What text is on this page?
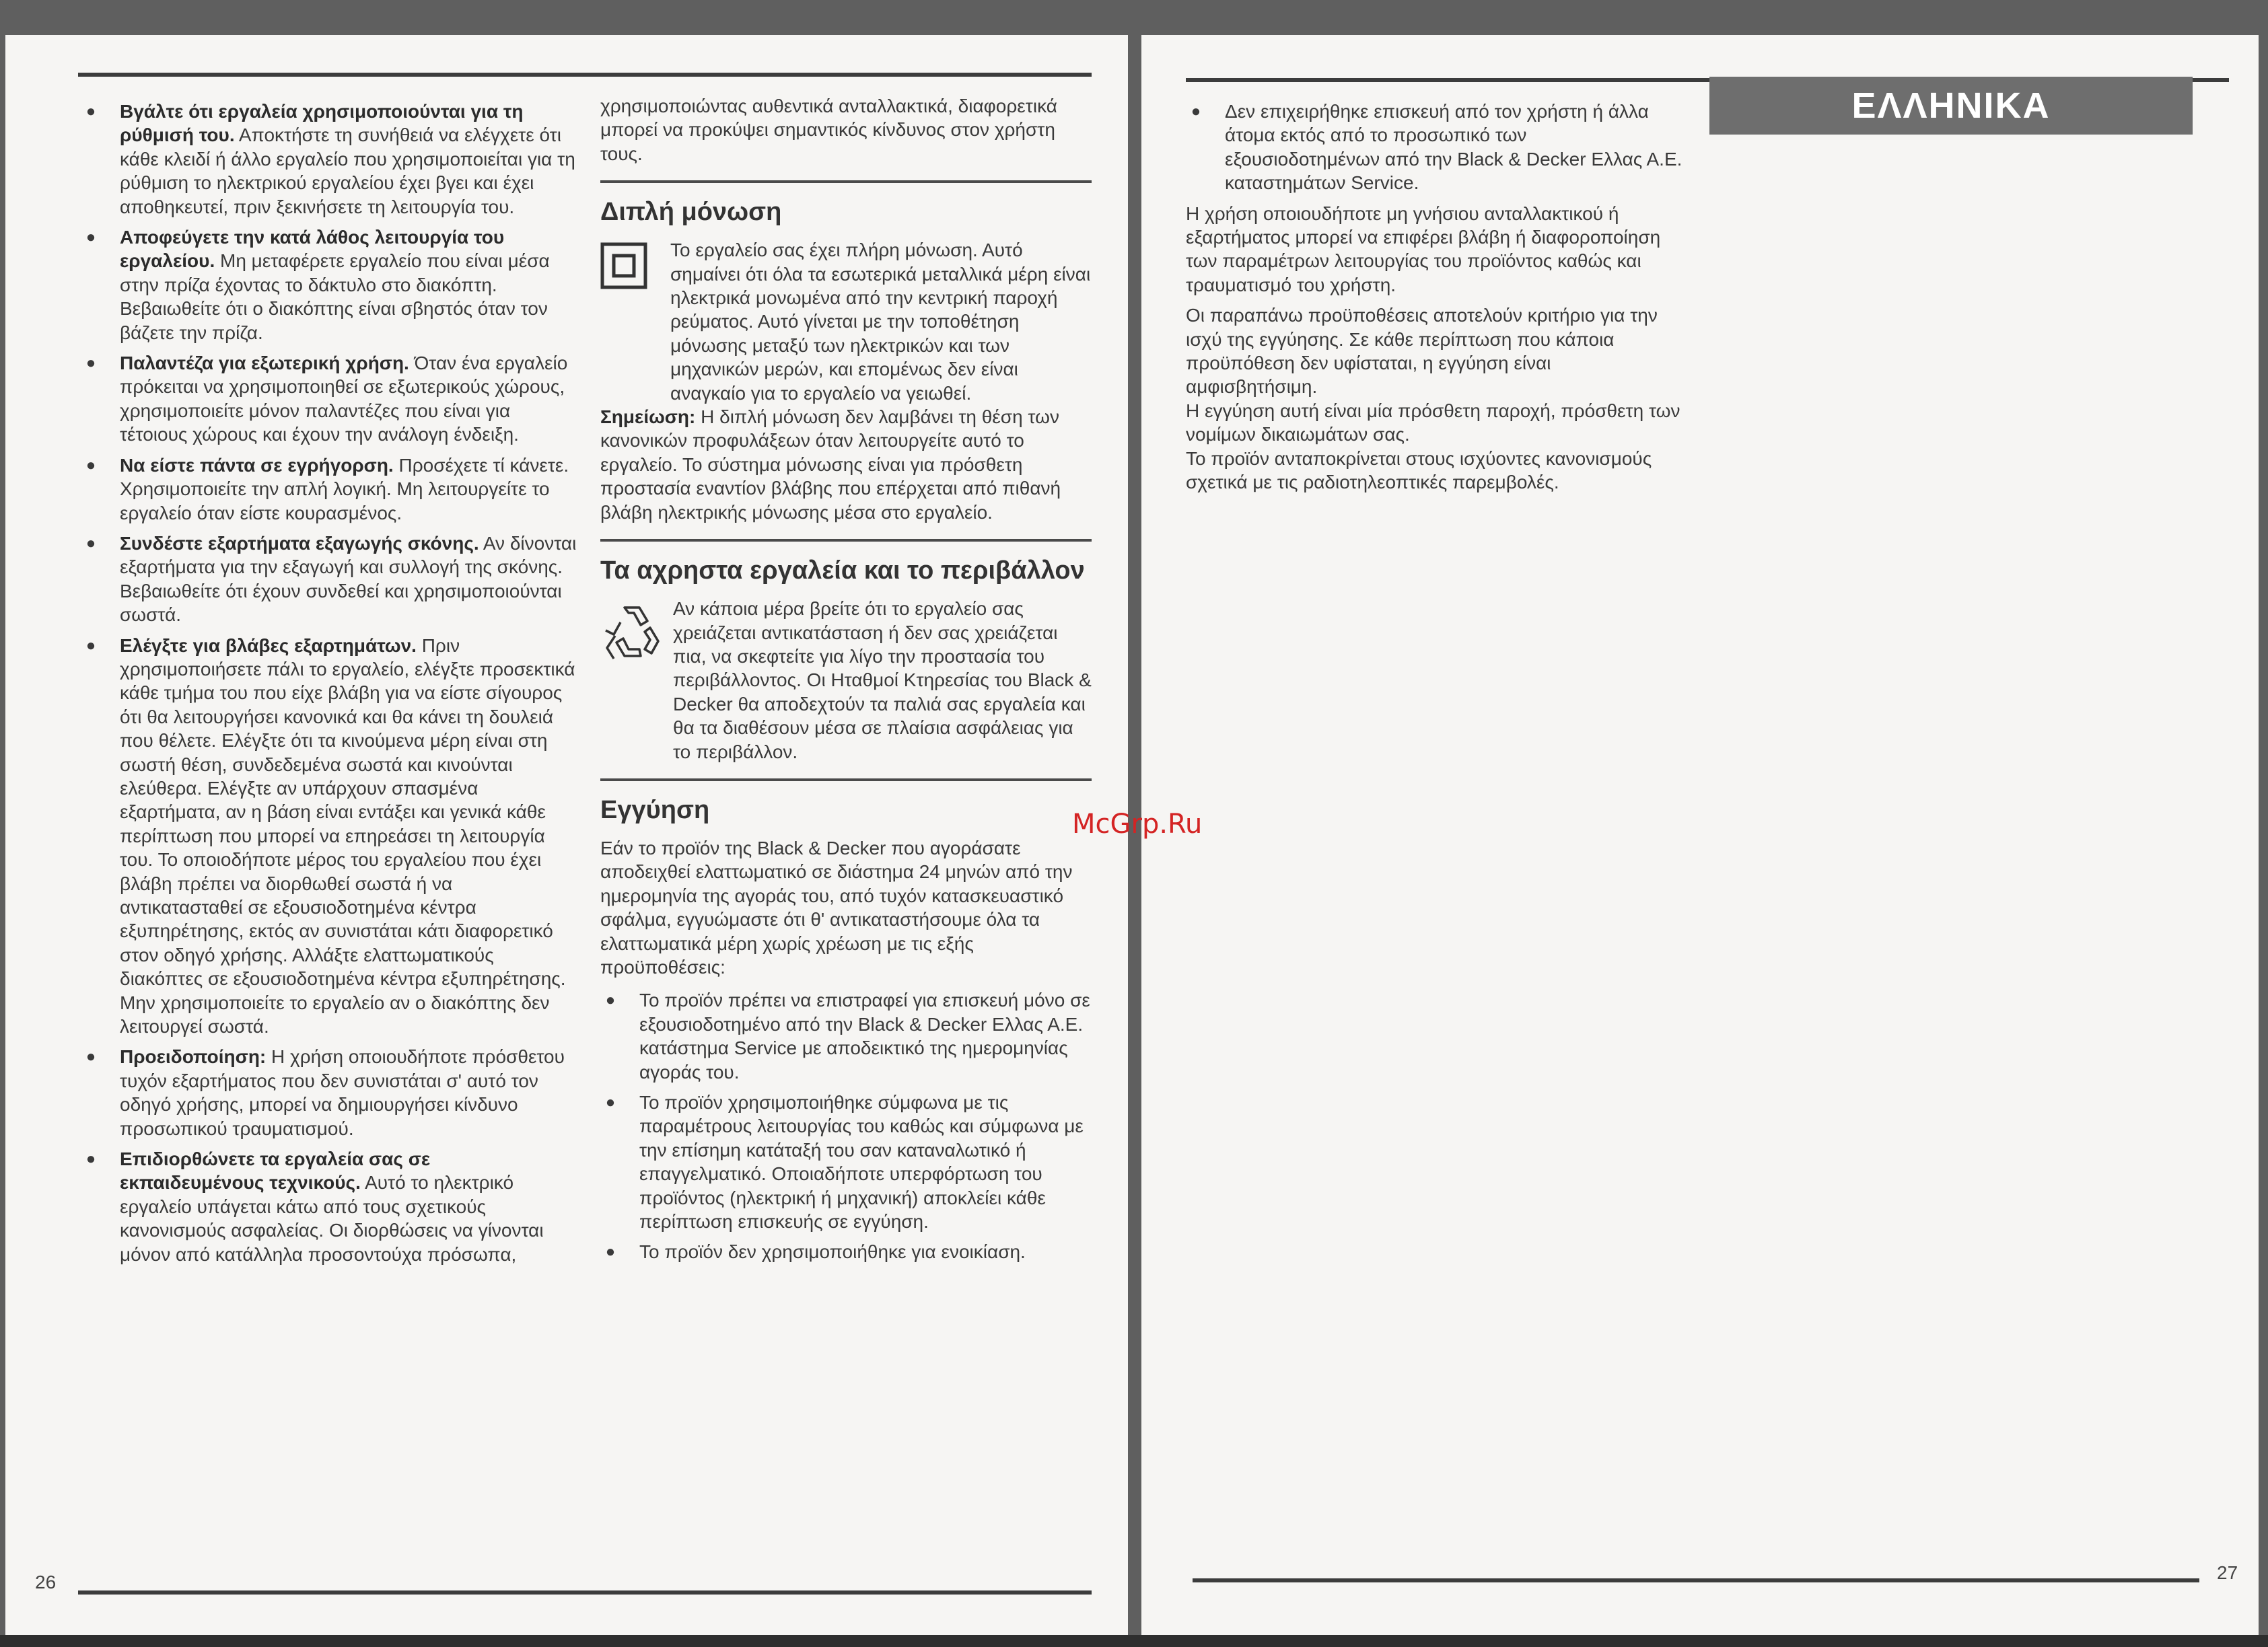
● Βγάλτε ότι εργαλεία χρησιμοποιούνται για τη ρύθμισή του. Αποκτήστε τη συνήθειά να ελέγχετε ότι κάθε κλειδί ή άλλο εργαλείο που χρησιμοποιείται για τη ρύθμιση το ηλεκτρικού εργαλείου έχει βγει και έχει αποθηκευτεί, πριν ξεκινήσετε τη λειτουργία του.
● Αποφεύγετε την κατά λάθος λειτουργία του εργαλείου. Μη μεταφέρετε εργαλείο που είναι μέσα στην πρίζα έχοντας το δάκτυλο στο διακόπτη. Βεβαιωθείτε ότι ο διακόπτης είναι σβηστός όταν τον βάζετε την πρίζα.
● Παλαντέζα για εξωτερική χρήση. Όταν ένα εργαλείο πρόκειται να χρησιμοποιηθεί σε εξωτερικούς χώρους, χρησιμοποιείτε μόνον παλαντέζες που είναι για τέτοιους χώρους και έχουν την ανάλογη ένδειξη.
● Να είστε πάντα σε εγρήγορση. Προσέχετε τί κάνετε. Χρησιμοποιείτε την απλή λογική. Μη λειτουργείτε το εργαλείο όταν είστε κουρασμένος.
● Συνδέστε εξαρτήματα εξαγωγής σκόνης. Αν δίνονται εξαρτήματα για την εξαγωγή και συλλογή της σκόνης. Βεβαιωθείτε ότι έχουν συνδεθεί και χρησιμοποιούνται σωστά.
● Ελέγξτε για βλάβες εξαρτημάτων. Πριν χρησιμοποιήσετε πάλι το εργαλείο, ελέγξτε προσεκτικά κάθε τμήμα του που είχε βλάβη για να είστε σίγουρος ότι θα λειτουργήσει κανονικά και θα κάνει τη δουλειά που θέλετε. Ελέγξτε ότι τα κινούμενα μέρη είναι στη σωστή θέση, συνδεδεμένα σωστά και κινούνται ελεύθερα. Ελέγξτε αν υπάρχουν σπασμένα εξαρτήματα, αν η βάση είναι εντάξει και γενικά κάθε περίπτωση που μπορεί να επηρεάσει τη λειτουργία του. Το οποιοδήποτε μέρος του εργαλείου που έχει βλάβη πρέπει να διορθωθεί σωστά ή να αντικατασταθεί σε εξουσιοδοτημένα κέντρα εξυπηρέτησης, εκτός αν συνιστάται κάτι διαφορετικό στον οδηγό χρήσης. Αλλάξτε ελαττωματικούς διακόπτες σε εξουσιοδοτημένα κέντρα εξυπηρέτησης. Μην χρησιμοποιείτε το εργαλείο αν ο διακόπτης δεν λειτουργεί σωστά.
● Προειδοποίηση: Η χρήση οποιουδήποτε πρόσθετου τυχόν εξαρτήματος που δεν συνιστάται σ' αυτό τον οδηγό χρήσης, μπορεί να δημιουργήσει κίνδυνο προσωπικού τραυματισμού.
● Επιδιορθώνετε τα εργαλεία σας σε εκπαιδευμένους τεχνικούς. Αυτό το ηλεκτρικό εργαλείο υπάγεται κάτω από τους σχετικούς κανονισμούς ασφαλείας. Οι διορθώσεις να γίνονται μόνον από κατάλληλα προσοντούχα πρόσωπα,

χρησιμοποιώντας αυθεντικά ανταλλακτικά, διαφορετικά μπορεί να προκύψει σημαντικός κίνδυνος στον χρήστη τους.

Διπλή μόνωση
Το εργαλείο σας έχει πλήρη μόνωση. Αυτό σημαίνει ότι όλα τα εσωτερικά μεταλλικά μέρη είναι ηλεκτρικά μονωμένα από την κεντρική παροχή ρεύματος. Αυτό γίνεται με την τοποθέτηση μόνωσης μεταξύ των ηλεκτρικών και των μηχανικών μερών, και επομένως δεν είναι αναγκαίο για το εργαλείο να γειωθεί.

Σημείωση: Η διπλή μόνωση δεν λαμβάνει τη θέση των κανονικών προφυλάξεων όταν λειτουργείτε αυτό το εργαλείο. Το σύστημα μόνωσης είναι για πρόσθετη προστασία εναντίον βλάβης που επέρχεται από πιθανή βλάβη ηλεκτρικής μόνωσης μέσα στο εργαλείο.

Τα αχρηστα εργαλεία και το περιβάλλον
Αν κάποια μέρα βρείτε ότι το εργαλείο σας χρειάζεται αντικατάσταση ή δεν σας χρειάζεται πια, να σκεφτείτε για λίγο την προστασία του περιβάλλοντος. Οι Ηταθμοί Κτηρεσίας του Black & Decker θα αποδεχτούν τα παλιά σας εργαλεία και θα τα διαθέσουν μέσα σε πλαίσια ασφάλειας για το περιβάλλον.
Εγγύηση

Εάν το προϊόν της Black & Decker που αγοράσατε αποδειχθεί ελαττωματικό σε διάστημα 24 μηνών από την ημερομηνία της αγοράς του, από τυχόν κατασκευαστικό σφάλμα, εγγυώμαστε ότι θ' αντικαταστήσουμε όλα τα ελαττωματικά μέρη χωρίς χρέωση με τις εξής προϋποθέσεις:

● Το προϊόν πρέπει να επιστραφεί για επισκευή μόνο σε εξουσιοδοτημένο από την Black & Decker Ελλας Α.Ε. κατάστημα Service με αποδεικτικό της ημερομηνίας αγοράς του.
● Το προϊόν χρησιμοποιήθηκε σύμφωνα με τις παραμέτρους λειτουργίας του καθώς και σύμφωνα με την επίσημη κατάταξή του σαν καταναλωτικό ή επαγγελματικό. Οποιαδήποτε υπερφόρτωση του προϊόντος (ηλεκτρική ή μηχανική) αποκλείει κάθε περίπτωση επισκευής σε εγγύηση.
● Το προϊόν δεν χρησιμοποιήθηκε για ενοικίαση.
26
● Δεν επιχειρήθηκε επισκευή από τον χρήστη ή άλλα άτομα εκτός από το προσωπικό των εξουσιοδοτημένων από την Black & Decker Ελλας Α.Ε. καταστημάτων Service.

Η χρήση οποιουδήποτε μη γνήσιου ανταλλακτικού ή εξαρτήματος μπορεί να επιφέρει βλάβη ή διαφοροποίηση των παραμέτρων λειτουργίας του προϊόντος καθώς και τραυματισμό του χρήστη.

Οι παραπάνω προϋποθέσεις αποτελούν κριτήριο για την ισχύ της εγγύησης. Σε κάθε περίπτωση που κάποια προϋπόθεση δεν υφίσταται, η εγγύηση είναι αμφισβητήσιμη.

Η εγγύηση αυτή είναι μία πρόσθετη παροχή, πρόσθετη των νομίμων δικαιωμάτων σας.

Το προϊόν ανταποκρίνεται στους ισχύοντες κανονισμούς σχετικά με τις ραδιοτηλεοπτικές παρεμβολές.

27
ΕΛΛΗΝΙΚΑ
McGrp.Ru
